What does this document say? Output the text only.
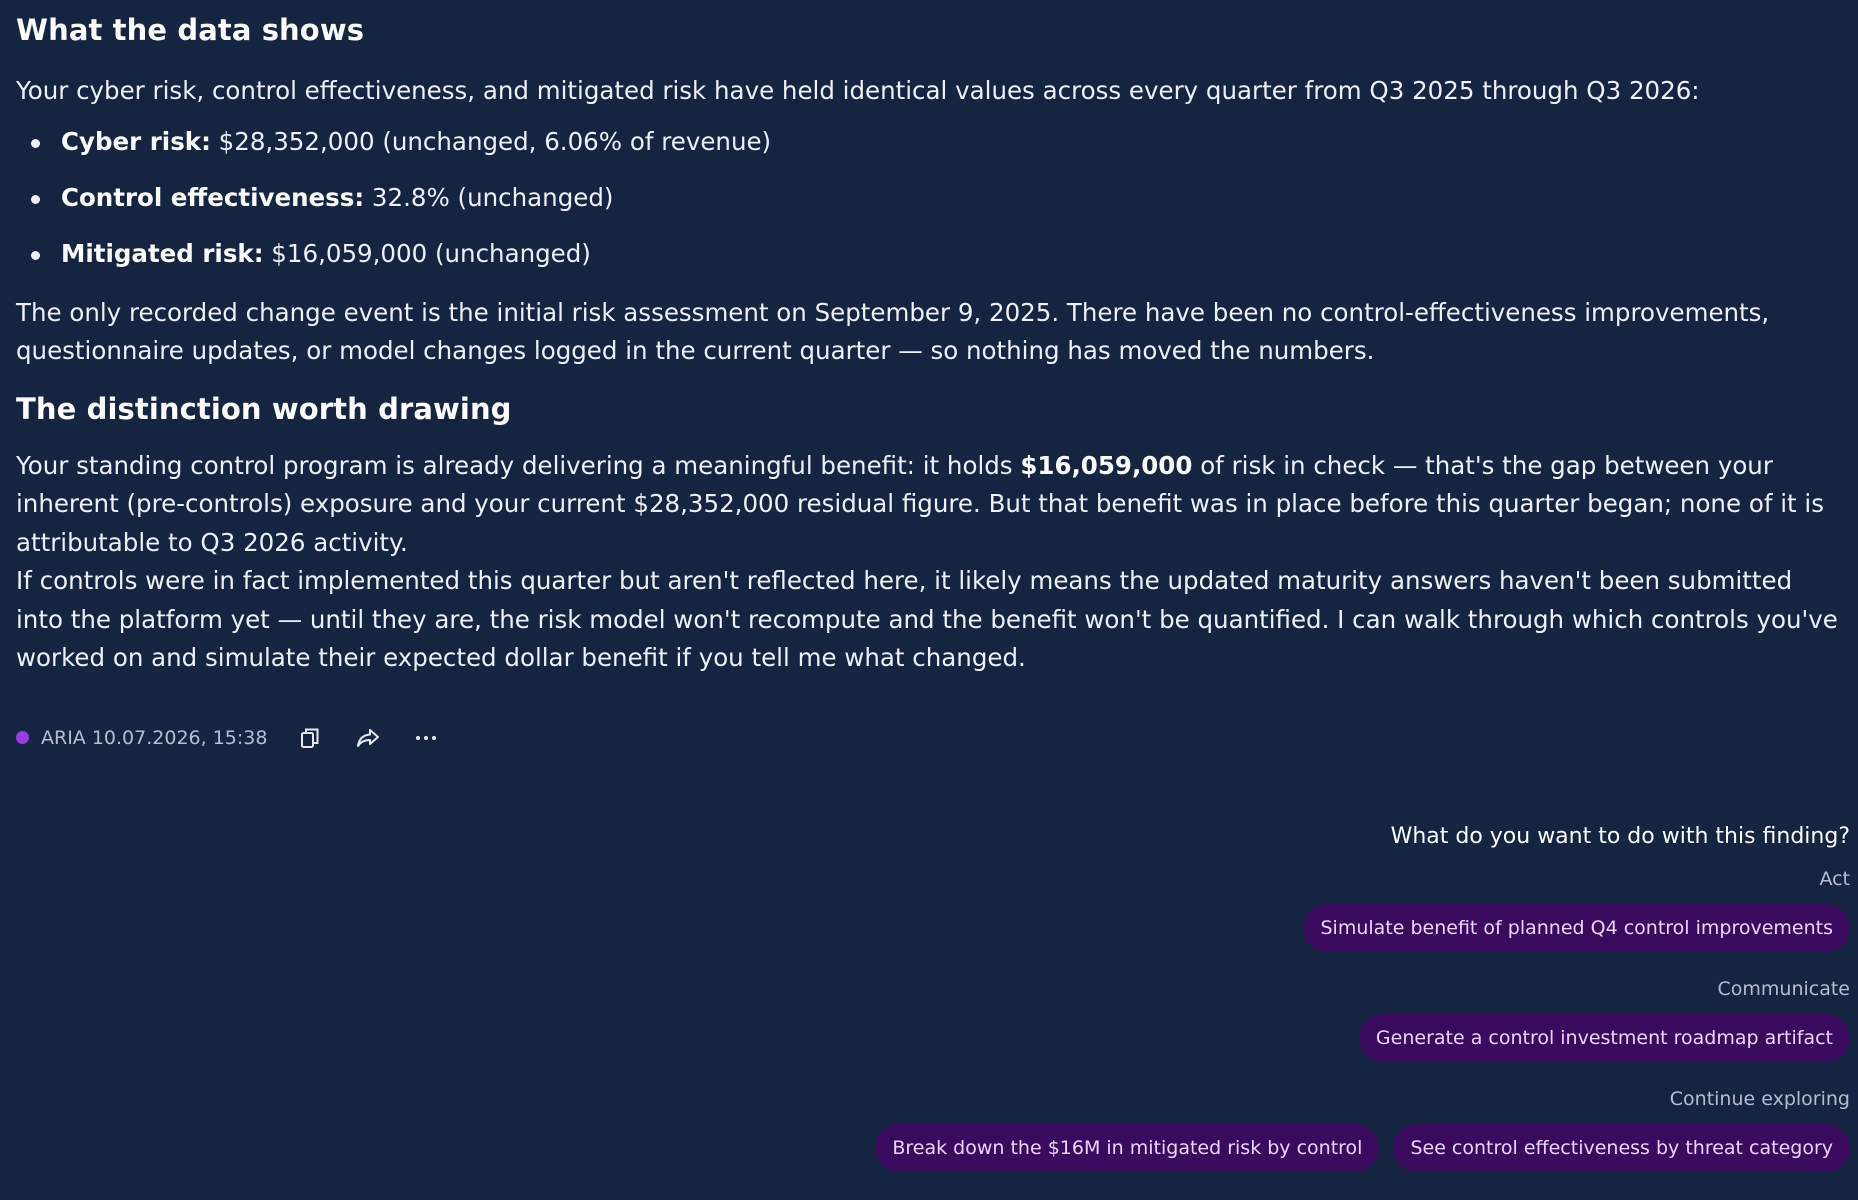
What the data shows

Your cyber risk, control effectiveness, and mitigated risk have held identical values across every quarter from Q3 2025 through Q3 2026:

Cyber risk: $28,352,000 (unchanged, 6.06% of revenue)
Control effectiveness: 32.8% (unchanged)
Mitigated risk: $16,059,000 (unchanged)

The only recorded change event is the initial risk assessment on September 9, 2025. There have been no control-effectiveness improvements, questionnaire updates, or model changes logged in the current quarter — so nothing has moved the numbers.

The distinction worth drawing

Your standing control program is already delivering a meaningful benefit: it holds $16,059,000 of risk in check — that's the gap between your inherent (pre-controls) exposure and your current $28,352,000 residual figure. But that benefit was in place before this quarter began; none of it is attributable to Q3 2026 activity.

If controls were in fact implemented this quarter but aren't reflected here, it likely means the updated maturity answers haven't been submitted into the platform yet — until they are, the risk model won't recompute and the benefit won't be quantified. I can walk through which controls you've worked on and simulate their expected dollar benefit if you tell me what changed.

ARIA 10.07.2026, 15:38
What do you want to do with this finding?
Act
Simulate benefit of planned Q4 control improvements
Communicate
Generate a control investment roadmap artifact
Continue exploring
Break down the $16M in mitigated risk by control	See control effectiveness by threat category
